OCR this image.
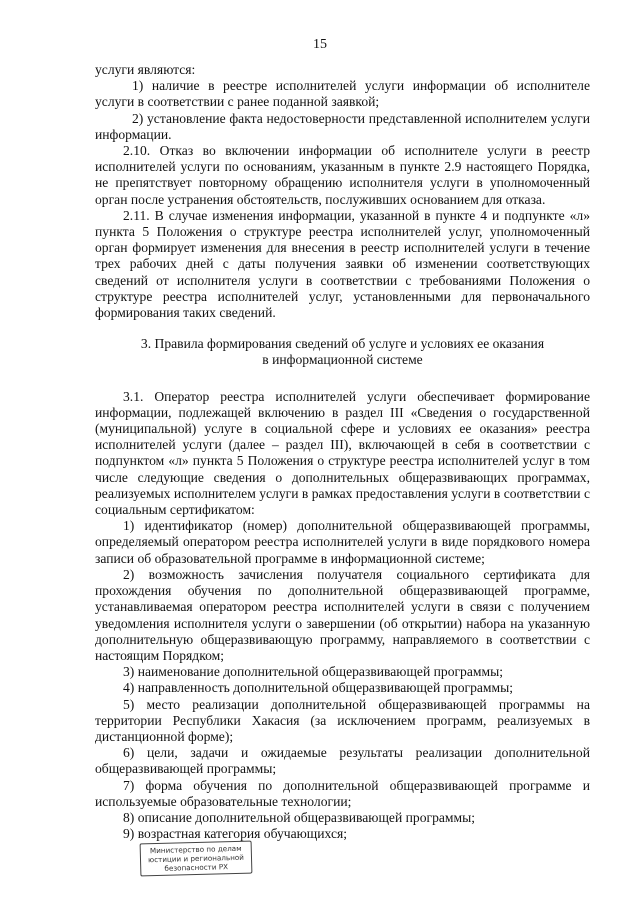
15

услуги являются:

1) наличие в реестре исполнителей услуги информации об исполнителе услуги в соответствии с ранее поданной заявкой;

2) установление факта недостоверности представленной исполнителем услуги информации.

2.10. Отказ во включении информации об исполнителе услуги в реестр исполнителей услуги по основаниям, указанным в пункте 2.9 настоящего Порядка, не препятствует повторному обращению исполнителя услуги в уполномоченный орган после устранения обстоятельств, послуживших основанием для отказа.

2.11. В случае изменения информации, указанной в пункте 4 и подпункте «л» пункта 5 Положения о структуре реестра исполнителей услуг, уполномоченный орган формирует изменения для внесения в реестр исполнителей услуги в течение трех рабочих дней с даты получения заявки об изменении соответствующих сведений от исполнителя услуги в соответствии с требованиями Положения о структуре реестра исполнителей услуг, установленными для первоначального формирования таких сведений.

3. Правила формирования сведений об услуге и условиях ее оказания
в информационной системе

3.1. Оператор реестра исполнителей услуги обеспечивает формирование информации, подлежащей включению в раздел III «Сведения о государственной (муниципальной) услуге в социальной сфере и условиях ее оказания» реестра исполнителей услуги (далее – раздел III), включающей в себя в соответствии с подпунктом «л» пункта 5 Положения о структуре реестра исполнителей услуг в том числе следующие сведения о дополнительных общеразвивающих программах, реализуемых исполнителем услуги в рамках предоставления услуги в соответствии с социальным сертификатом:

1) идентификатор (номер) дополнительной общеразвивающей программы, определяемый оператором реестра исполнителей услуги в виде порядкового номера записи об образовательной программе в информационной системе;

2) возможность зачисления получателя социального сертификата для прохождения обучения по дополнительной общеразвивающей программе, устанавливаемая оператором реестра исполнителей услуги в связи с получением уведомления исполнителя услуги о завершении (об открытии) набора на указанную дополнительную общеразвивающую программу, направляемого в соответствии с настоящим Порядком;

3) наименование дополнительной общеразвивающей программы;

4) направленность дополнительной общеразвивающей программы;

5) место реализации дополнительной общеразвивающей программы на территории Республики Хакасия (за исключением программ, реализуемых в дистанционной форме);

6) цели, задачи и ожидаемые результаты реализации дополнительной общеразвивающей программы;

7) форма обучения по дополнительной общеразвивающей программе и используемые образовательные технологии;

8) описание дополнительной общеразвивающей программы;

9) возрастная категория обучающихся;

Министерство по делам
юстиции и региональной
безопасности РХ
